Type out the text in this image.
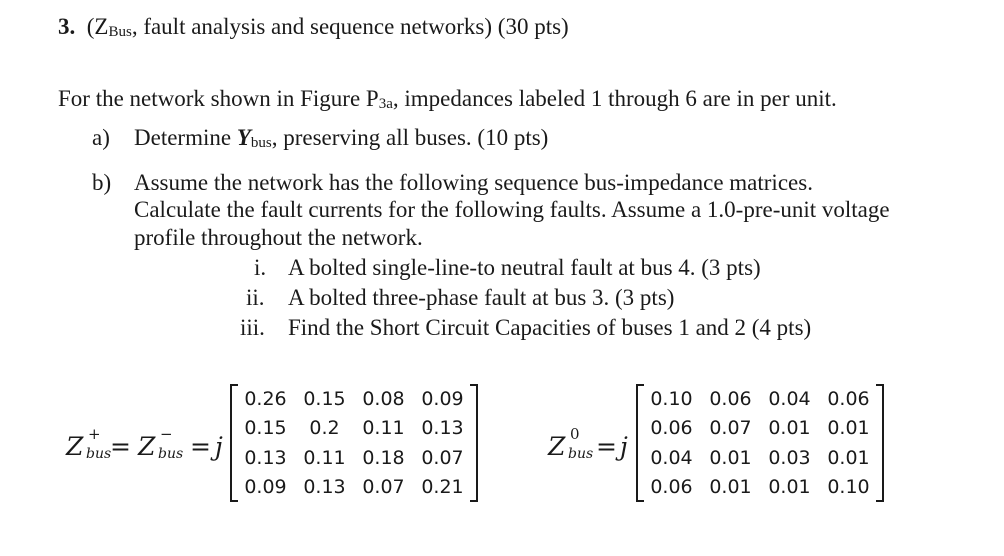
3. (ZBus, fault analysis and sequence networks) (30 pts)
For the network shown in Figure P3a, impedances labeled 1 through 6 are in per unit.
a) Determine Ybus, preserving all buses. (10 pts)
b) Assume the network has the following sequence bus-impedance matrices.
Calculate the fault currents for the following faults. Assume a 1.0-pre-unit voltage
profile throughout the network.
i. A bolted single-line-to neutral fault at bus 4. (3 pts)
ii. A bolted three-phase fault at bus 3. (3 pts)
iii. Find the Short Circuit Capacities of buses 1 and 2 (4 pts)
Z +
bus
= Z −
bus = j
0.26	0.15	0.08	0.09
0.15	0.2	0.11	0.13
0.13	0.11	0.18	0.07
0.09	0.13	0.07	0.21
Z 0
bus = j
0.10	0.06	0.04	0.06
0.06	0.07	0.01	0.01
0.04	0.01	0.03	0.01
0.06	0.01	0.01	0.10
